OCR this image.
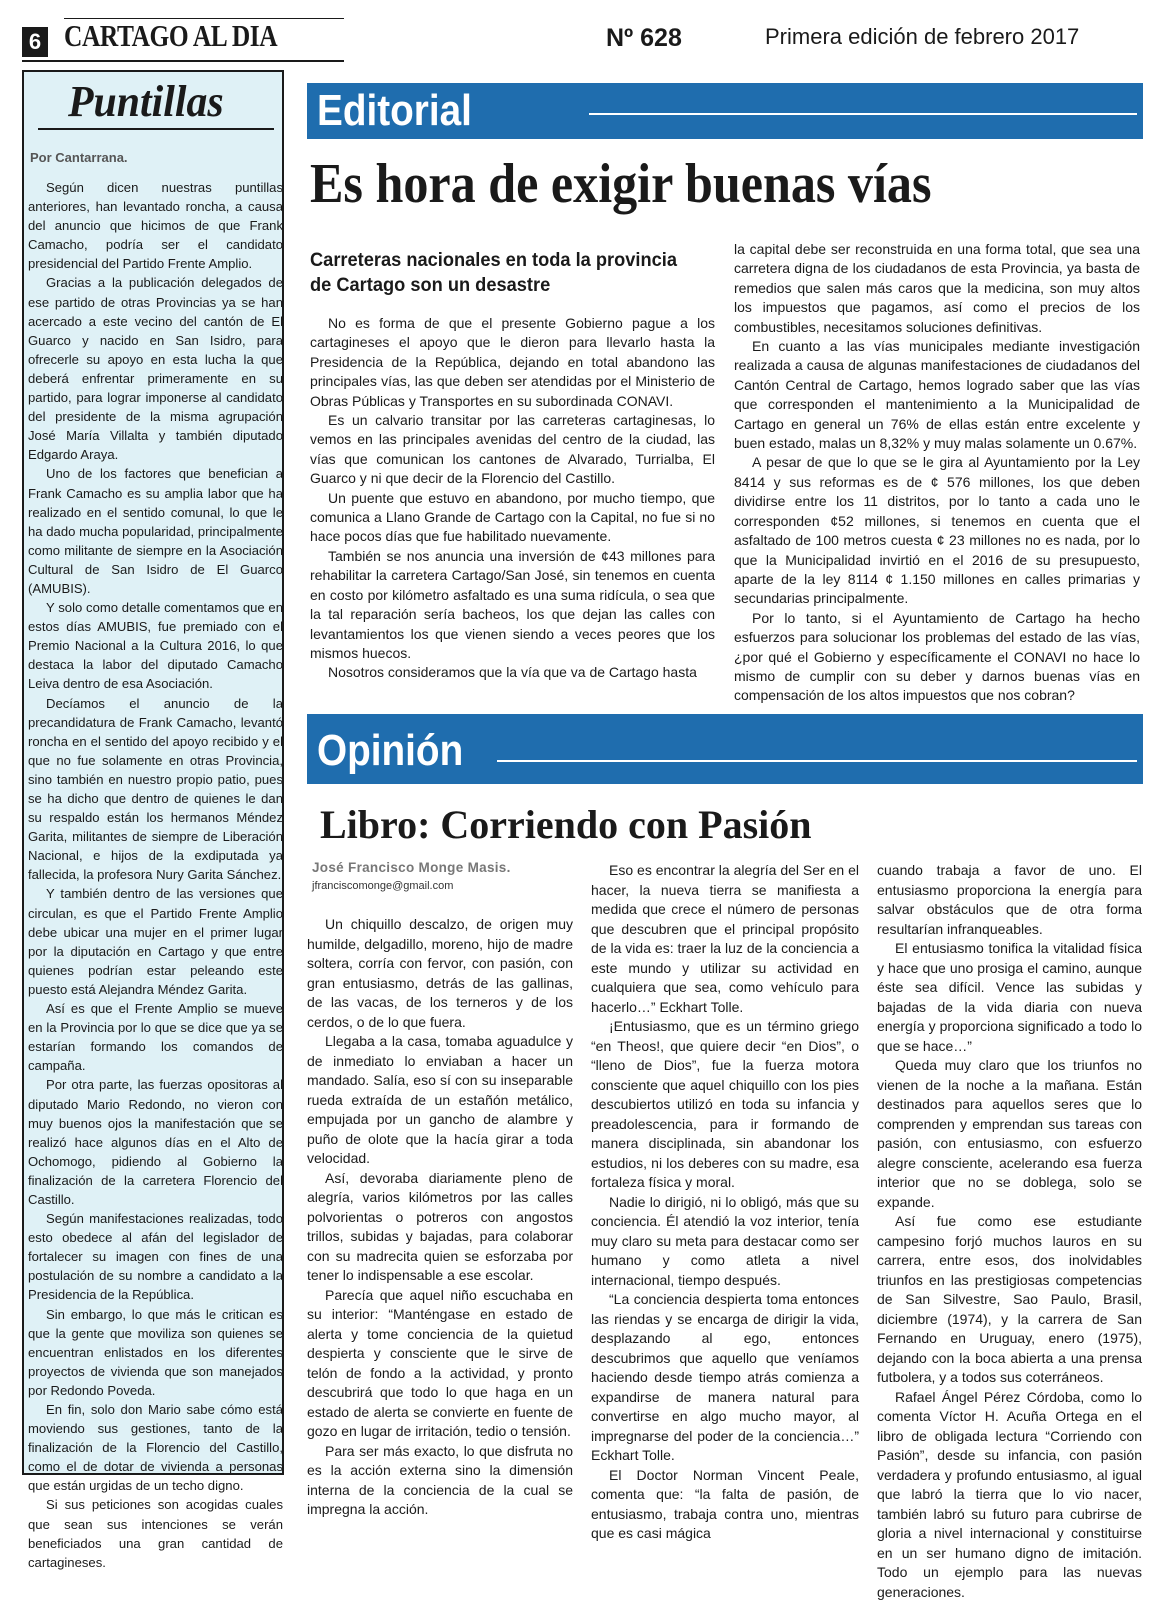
6 CARTAGO AL DIA	Nº 628	Primera edición de febrero 2017
Puntillas
Por Cantarrana.

Según dicen nuestras puntillas anteriores, han levantado roncha, a causa del anuncio que hicimos de que Frank Camacho, podría ser el candidato presidencial del Partido Frente Amplio.

Gracias a la publicación delegados de ese partido de otras Provincias ya se han acercado a este vecino del cantón de El Guarco y nacido en San Isidro, para ofrecerle su apoyo en esta lucha la que deberá enfrentar primeramente en su partido, para lograr imponerse al candidato del presidente de la misma agrupación José María Villalta y también diputado Edgardo Araya.

Uno de los factores que benefician a Frank Camacho es su amplia labor que ha realizado en el sentido comunal, lo que le ha dado mucha popularidad, principalmente como militante de siempre en la Asociación Cultural de San Isidro de El Guarco (AMUBIS).

Y solo como detalle comentamos que en estos días AMUBIS, fue premiado con el Premio Nacional a la Cultura 2016, lo que destaca la labor del diputado Camacho Leiva dentro de esa Asociación.

Decíamos el anuncio de la precandidatura de Frank Camacho, levantó roncha en el sentido del apoyo recibido y el que no fue solamente en otras Provincia, sino también en nuestro propio patio, pues se ha dicho que dentro de quienes le dan su respaldo están los hermanos Méndez Garita, militantes de siempre de Liberación Nacional, e hijos de la exdiputada ya fallecida, la profesora Nury Garita Sánchez.

Y también dentro de las versiones que circulan, es que el Partido Frente Amplio debe ubicar una mujer en el primer lugar por la diputación en Cartago y que entre quienes podrían estar peleando este puesto está Alejandra Méndez Garita.

Así es que el Frente Amplio se mueve en la Provincia por lo que se dice que ya se estarían formando los comandos de campaña.

Por otra parte, las fuerzas opositoras al diputado Mario Redondo, no vieron con muy buenos ojos la manifestación que se realizó hace algunos días en el Alto de Ochomogo, pidiendo al Gobierno la finalización de la carretera Florencio del Castillo.

Según manifestaciones realizadas, todo esto obedece al afán del legislador de fortalecer su imagen con fines de una postulación de su nombre a candidato a la Presidencia de la República.

Sin embargo, lo que más le critican es que la gente que moviliza son quienes se encuentran enlistados en los diferentes proyectos de vivienda que son manejados por Redondo Poveda.

En fin, solo don Mario sabe cómo está moviendo sus gestiones, tanto de la finalización de la Florencio del Castillo, como el de dotar de vivienda a personas que están urgidas de un techo digno.

Si sus peticiones son acogidas cuales que sean sus intenciones se verán beneficiados una gran cantidad de cartagineses.

Editorial
Es hora de exigir buenas vías
Carreteras nacionales en toda la provincia de Cartago son un desastre

No es forma de que el presente Gobierno pague a los cartagineses el apoyo que le dieron para llevarlo hasta la Presidencia de la República, dejando en total abandono las principales vías, las que deben ser atendidas por el Ministerio de Obras Públicas y Transportes en su subordinada CONAVI.

Es un calvario transitar por las carreteras cartaginesas, lo vemos en las principales avenidas del centro de la ciudad, las vías que comunican los cantones de Alvarado, Turrialba, El Guarco y ni que decir de la Florencio del Castillo.

Un puente que estuvo en abandono, por mucho tiempo, que comunica a Llano Grande de Cartago con la Capital, no fue si no hace pocos días que fue habilitado nuevamente.

También se nos anuncia una inversión de ¢43 millones para rehabilitar la carretera Cartago/San José, sin tenemos en cuenta en costo por kilómetro asfaltado es una suma ridícula, o sea que la tal reparación sería bacheos, los que dejan las calles con levantamientos los que vienen siendo a veces peores que los mismos huecos.

Nosotros consideramos que la vía que va de Cartago hasta

la capital debe ser reconstruida en una forma total, que sea una carretera digna de los ciudadanos de esta Provincia, ya basta de remedios que salen más caros que la medicina, son muy altos los impuestos que pagamos, así como el precios de los combustibles, necesitamos soluciones definitivas.

En cuanto a las vías municipales mediante investigación realizada a causa de algunas manifestaciones de ciudadanos del Cantón Central de Cartago, hemos logrado saber que las vías que corresponden el mantenimiento a la Municipalidad de Cartago en general un 76% de ellas están entre excelente y buen estado, malas un 8,32% y muy malas solamente un 0.67%.

A pesar de que lo que se le gira al Ayuntamiento por la Ley 8414 y sus reformas es de ¢ 576 millones, los que deben dividirse entre los 11 distritos, por lo tanto a cada uno le corresponden ¢52 millones, si tenemos en cuenta que el asfaltado de 100 metros cuesta ¢ 23 millones no es nada, por lo que la Municipalidad invirtió en el 2016 de su presupuesto, aparte de la ley 8114 ¢ 1.150 millones en calles primarias y secundarias principalmente.

Por lo tanto, si el Ayuntamiento de Cartago ha hecho esfuerzos para solucionar los problemas del estado de las vías, ¿por qué el Gobierno y específicamente el CONAVI no hace lo mismo de cumplir con su deber y darnos buenas vías en compensación de los altos impuestos que nos cobran?

Opinión
Libro: Corriendo con Pasión
José Francisco Monge Masis.
jfranciscomonge@gmail.com

Un chiquillo descalzo, de origen muy humilde, delgadillo, moreno, hijo de madre soltera, corría con fervor, con pasión, con gran entusiasmo, detrás de las gallinas, de las vacas, de los terneros y de los cerdos, o de lo que fuera.

Llegaba a la casa, tomaba aguadulce y de inmediato lo enviaban a hacer un mandado. Salía, eso sí con su inseparable rueda extraída de un estañón metálico, empujada por un gancho de alambre y puño de olote que la hacía girar a toda velocidad.

Así, devoraba diariamente pleno de alegría, varios kilómetros por las calles polvorientas o potreros con angostos trillos, subidas y bajadas, para colaborar con su madrecita quien se esforzaba por tener lo indispensable a ese escolar.

Parecía que aquel niño escuchaba en su interior: “Manténgase en estado de alerta y tome conciencia de la quietud despierta y consciente que le sirve de telón de fondo a la actividad, y pronto descubrirá que todo lo que haga en un estado de alerta se convierte en fuente de gozo en lugar de irritación, tedio o tensión.

Para ser más exacto, lo que disfruta no es la acción externa sino la dimensión interna de la conciencia de la cual se impregna la acción.

Eso es encontrar la alegría del Ser en el hacer, la nueva tierra se manifiesta a medida que crece el número de personas que descubren que el principal propósito de la vida es: traer la luz de la conciencia a este mundo y utilizar su actividad en cualquiera que sea, como vehículo para hacerlo…” Eckhart Tolle.

¡Entusiasmo, que es un término griego “en Theos!, que quiere decir “en Dios”, o “lleno de Dios”, fue la fuerza motora consciente que aquel chiquillo con los pies descubiertos utilizó en toda su infancia y preadolescencia, para ir formando de manera disciplinada, sin abandonar los estudios, ni los deberes con su madre, esa fortaleza física y moral.

Nadie lo dirigió, ni lo obligó, más que su conciencia. Él atendió la voz interior, tenía muy claro su meta para destacar como ser humano y como atleta a nivel internacional, tiempo después.

“La conciencia despierta toma entonces las riendas y se encarga de dirigir la vida, desplazando al ego, entonces descubrimos que aquello que veníamos haciendo desde tiempo atrás comienza a expandirse de manera natural para convertirse en algo mucho mayor, al impregnarse del poder de la conciencia…” Eckhart Tolle.

El Doctor Norman Vincent Peale, comenta que: “la falta de pasión, de entusiasmo, trabaja contra uno, mientras que es casi mágica

cuando trabaja a favor de uno. El entusiasmo proporciona la energía para salvar obstáculos que de otra forma resultarían infranqueables.

El entusiasmo tonifica la vitalidad física y hace que uno prosiga el camino, aunque éste sea difícil. Vence las subidas y bajadas de la vida diaria con nueva energía y proporciona significado a todo lo que se hace…”

Queda muy claro que los triunfos no vienen de la noche a la mañana. Están destinados para aquellos seres que lo comprenden y emprendan sus tareas con pasión, con entusiasmo, con esfuerzo alegre consciente, acelerando esa fuerza interior que no se doblega, solo se expande.

Así fue como ese estudiante campesino forjó muchos lauros en su carrera, entre esos, dos inolvidables triunfos en las prestigiosas competencias de San Silvestre, Sao Paulo, Brasil, diciembre (1974), y la carrera de San Fernando en Uruguay, enero (1975), dejando con la boca abierta a una prensa futbolera, y a todos sus coterráneos.

Rafael Ángel Pérez Córdoba, como lo comenta Víctor H. Acuña Ortega en el libro de obligada lectura “Corriendo con Pasión”, desde su infancia, con pasión verdadera y profundo entusiasmo, al igual que labró la tierra que lo vio nacer, también labró su futuro para cubrirse de gloria a nivel internacional y constituirse en un ser humano digno de imitación. Todo un ejemplo para las nuevas generaciones.
